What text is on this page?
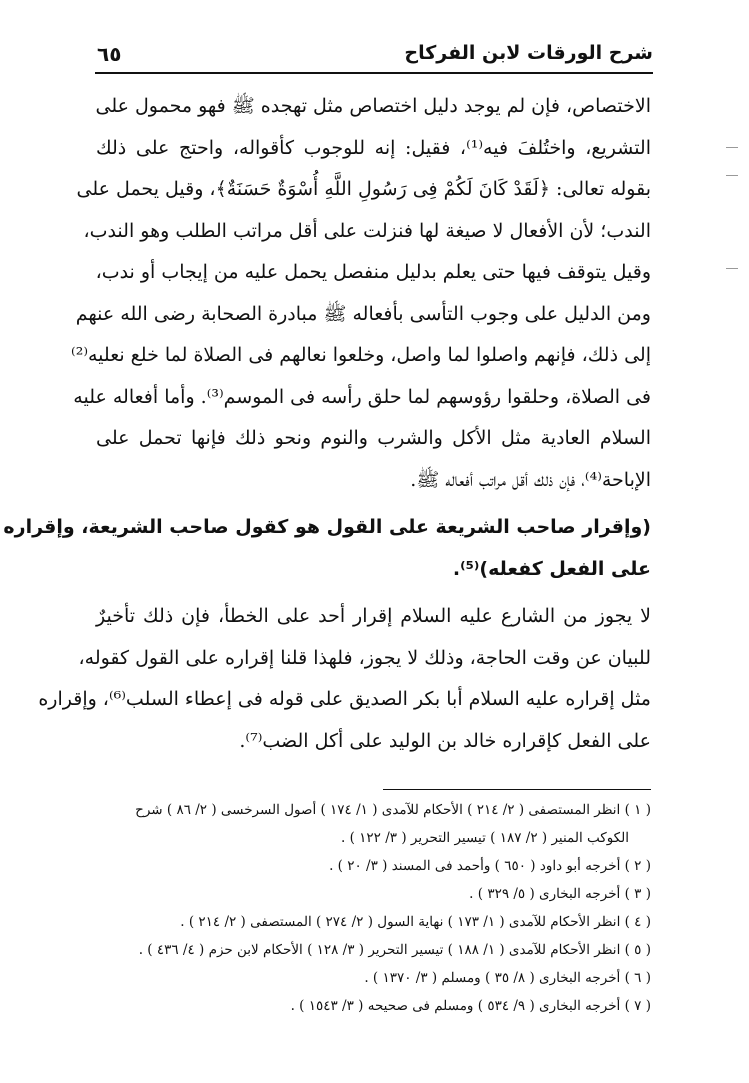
شرح الورقات لابن الفركاح
٦٥
الاختصاص، فإن لم يوجد دليل اختصاص مثل تهجده ﷺ فهو محمول على
التشريع، واختُلفَ فيه⁽¹⁾، فقيل: إنه للوجوب كأقواله، واحتج على ذلك
بقوله تعالى: ﴿لَقَدْ كَانَ لَكُمْ فِى رَسُولِ اللَّهِ أُسْوَةٌ حَسَنَةٌ﴾، وقيل يحمل على
الندب؛ لأن الأفعال لا صيغة لها فنزلت على أقل مراتب الطلب وهو الندب،
وقيل يتوقف فيها حتى يعلم بدليل منفصل يحمل عليه من إيجاب أو ندب،
ومن الدليل على وجوب التأسى بأفعاله ﷺ مبادرة الصحابة رضى الله عنهم
إلى ذلك، فإنهم واصلوا لما واصل، وخلعوا نعالهم فى الصلاة لما خلع نعليه⁽²⁾
فى الصلاة، وحلقوا رؤوسهم لما حلق رأسه فى الموسم⁽³⁾. وأما أفعاله عليه
السلام العادية مثل الأكل والشرب والنوم ونحو ذلك فإنها تحمل على
الإباحة⁽⁴⁾، فإن ذلك أقل مراتب أفعاله ﷺ.
(وإقرار صاحب الشريعة على القول هو كقول صاحب الشريعة، وإقراره
على الفعل كفعله)⁽⁵⁾.
لا يجوز من الشارع عليه السلام إقرار أحد على الخطأ، فإن ذلك تأخيرٌ
للبيان عن وقت الحاجة، وذلك لا يجوز، فلهذا قلنا إقراره على القول كقوله،
مثل إقراره عليه السلام أبا بكر الصديق على قوله فى إعطاء السلب⁽⁶⁾، وإقراره
على الفعل كإقراره خالد بن الوليد على أكل الضب⁽⁷⁾.
( ١ ) انظر المستصفى ( ٢/ ٢١٤ ) الأحكام للآمدى ( ١/ ١٧٤ ) أصول السرخسى ( ٢/ ٨٦ ) شرح
الكوكب المنير ( ٢/ ١٨٧ ) تيسير التحرير ( ٣/ ١٢٢ ) .
( ٢ ) أخرجه أبو داود ( ٦٥٠ ) وأحمد فى المسند ( ٣/ ٢٠ ) .
( ٣ ) أخرجه البخارى ( ٥/ ٣٢٩ ) .
( ٤ ) انظر الأحكام للآمدى ( ١/ ١٧٣ ) نهاية السول ( ٢/ ٢٧٤ ) المستصفى ( ٢/ ٢١٤ ) .
( ٥ ) انظر الأحكام للآمدى ( ١/ ١٨٨ ) تيسير التحرير ( ٣/ ١٢٨ ) الأحكام لابن حزم ( ٤/ ٤٣٦ ) .
( ٦ ) أخرجه البخارى ( ٨/ ٣٥ ) ومسلم ( ٣/ ١٣٧٠ ) .
( ٧ ) أخرجه البخارى ( ٩/ ٥٣٤ ) ومسلم فى صحيحه ( ٣/ ١٥٤٣ ) .
